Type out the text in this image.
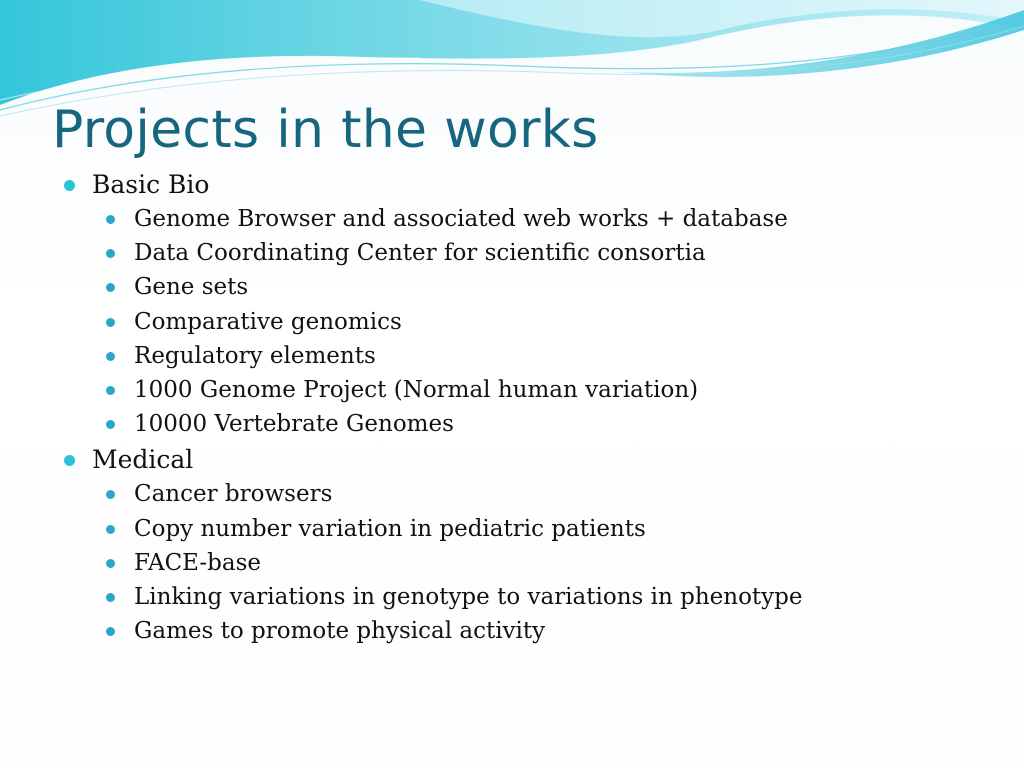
Projects in the works
Basic Bio
Genome Browser and associated web works + database
Data Coordinating Center for scientific consortia
Gene sets
Comparative genomics
Regulatory elements
1000 Genome Project (Normal human variation)
10000 Vertebrate Genomes
Medical
Cancer browsers
Copy number variation in pediatric patients
FACE-base
Linking variations in genotype to variations in phenotype
Games to promote physical activity
